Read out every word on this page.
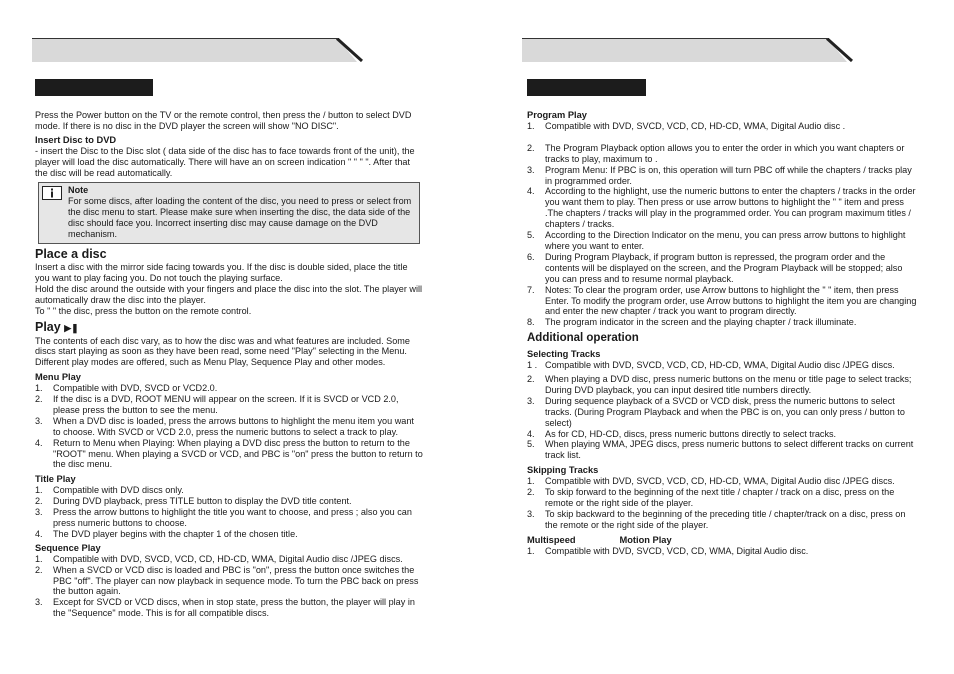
Press the Power button on the TV or the remote control, then press the / button to select DVD mode. If there is no disc in the DVD player the screen will show "NO DISC".

Insert Disc to DVD

- insert the Disc to the Disc slot ( data side of the disc has to face towards front of the unit), the player will load the disc automatically. There will have an on screen indication " " " ". After that the disc will be read automatically.

Note

For some discs, after loading the content of the disc, you need to press or select from the disc menu to start. Please make sure when inserting the disc, the data side of the disc should face you. Incorrect inserting disc may cause damage on the DVD mechanism.

Place a disc

Insert a disc with the mirror side facing towards you. If the disc is double sided, place the title you want to play facing you. Do not touch the playing surface.

Hold the disc around the outside with your fingers and place the disc into the slot. The player will automatically draw the disc into the player.

To " " the disc, press the button on the remote control.

Play ▶❚

The contents of each disc vary, as to how the disc was and what features are included. Some discs start playing as soon as they have been read, some need "Play" selecting in the Menu. Different play modes are offered, such as Menu Play, Sequence Play and other modes.

Menu Play

1.	Compatible with DVD, SVCD or VCD2.0.
2.	If the disc is a DVD, ROOT MENU will appear on the screen. If it is SVCD or VCD 2.0, please press the button to see the menu.
3.	When a DVD disc is loaded, press the arrows buttons to highlight the menu item you want to choose. With SVCD or VCD 2.0, press the numeric buttons to select a track to play.
4.	Return to Menu when Playing: When playing a DVD disc press the button to return to the "ROOT" menu. When playing a SVCD or VCD, and PBC is "on" press the button to return to the disc menu.

Title Play

1.	Compatible with DVD discs only.
2.	During DVD playback, press TITLE button to display the DVD title content.
3.	Press the arrow buttons to highlight the title you want to choose, and press ; also you can press numeric buttons to choose.
4.	The DVD player begins with the chapter 1 of the chosen title.

Sequence Play

1.	Compatible with DVD, SVCD, VCD, CD, HD-CD, WMA, Digital Audio disc /JPEG discs.
2.	When a SVCD or VCD disc is loaded and PBC is "on", press the button once switches the PBC "off". The player can now playback in sequence mode. To turn the PBC back on press the button again.
3.	Except for SVCD or VCD discs, when in stop state, press the button, the player will play in the "Sequence" mode. This is for all compatible discs.

Program Play

1.	Compatible with DVD, SVCD, VCD, CD, HD-CD, WMA, Digital Audio disc .
2.	The Program Playback option allows you to enter the order in which you want chapters or tracks to play, maximum to .
3.	Program Menu: If PBC is on, this operation will turn PBC off while the chapters / tracks play in programmed order.
4.	According to the highlight, use the numeric buttons to enter the chapters / tracks in the order you want them to play. Then press or use arrow buttons to highlight the " " item and press .The chapters / tracks will play in the programmed order. You can program maximum titles / chapters / tracks.
5.	According to the Direction Indicator on the menu, you can press arrow buttons to highlight where you want to enter.
6.	During Program Playback, if program button is repressed, the program order and the contents will be displayed on the screen, and the Program Playback will be stopped; also you can press and to resume normal playback.
7.	Notes: To clear the program order, use Arrow buttons to highlight the " " item, then press Enter. To modify the program order, use Arrow buttons to highlight the item you are changing and enter the new chapter / track you want to program directly.
8.	The program indicator in the screen and the playing chapter / track illuminate.

Additional operation

Selecting Tracks

1 . Compatible with DVD, SVCD, VCD, CD, HD-CD, WMA, Digital Audio disc /JPEG discs.
2.	When playing a DVD disc, press numeric buttons on the menu or title page to select tracks; During DVD playback, you can input desired title numbers directly.
3.	During sequence playback of a SVCD or VCD disk, press the numeric buttons to select tracks. (During Program Playback and when the PBC is on, you can only press / button to select)
4.	As for CD, HD-CD, discs, press numeric buttons directly to select tracks.
5.	When playing WMA, JPEG discs, press numeric buttons to select different tracks on current track list.

Skipping Tracks

1.	Compatible with DVD, SVCD, VCD, CD, HD-CD, WMA, Digital Audio disc /JPEG discs.
2.	To skip forward to the beginning of the next title / chapter / track on a disc, press on the remote or the right side of the player.
3.	To skip backward to the beginning of the preceding title / chapter/track on a disc, press on the remote or the right side of the player.

Multispeed                 Motion Play

1.	Compatible with DVD, SVCD, VCD, CD, WMA, Digital Audio disc.
